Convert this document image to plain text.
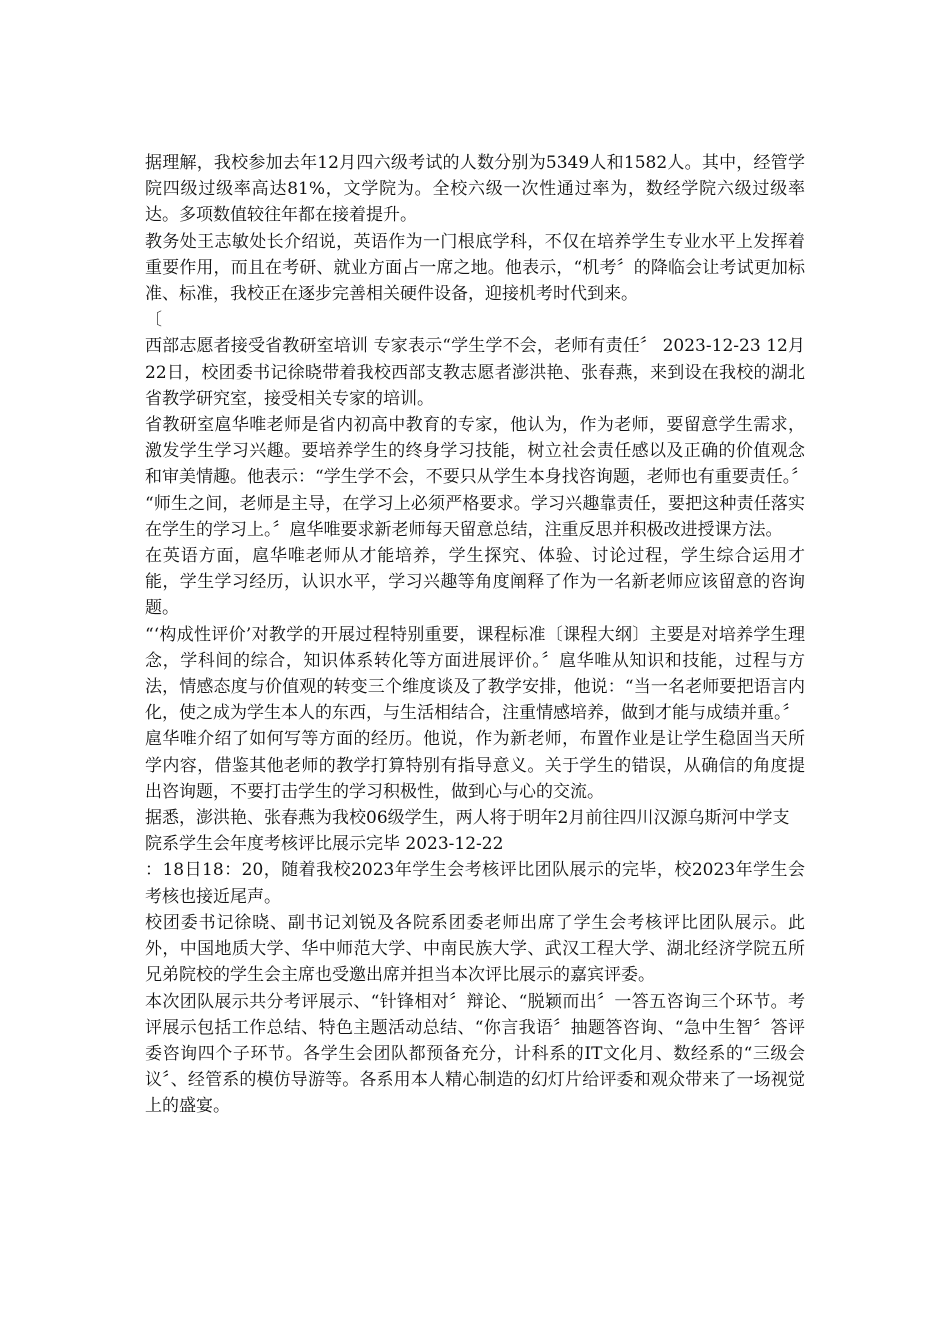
据理解，我校参加去年12月四六级考试的人数分别为5349人和1582人。其中，经管学院四级过级率高达81%，文学院为。全校六级一次性通过率为，数经学院六级过级率达。多项数值较往年都在接着提升。

教务处王志敏处长介绍说，英语作为一门根底学科，不仅在培养学生专业水平上发挥着重要作用，而且在考研、就业方面占一席之地。他表示，“机考〞的降临会让考试更加标准、标准，我校正在逐步完善相关硬件设备，迎接机考时代到来。

〔

西部志愿者接受省教研室培训 专家表示“学生学不会，老师有责任〞 2023-12-23 12月22日，校团委书记徐晓带着我校西部支教志愿者澎洪艳、张春燕，来到设在我校的湖北省教学研究室，接受相关专家的培训。

省教研室扈华唯老师是省内初高中教育的专家，他认为，作为老师，要留意学生需求，激发学生学习兴趣。要培养学生的终身学习技能，树立社会责任感以及正确的价值观念和审美情趣。他表示：“学生学不会，不要只从学生本身找咨询题，老师也有重要责任。〞

“师生之间，老师是主导，在学习上必须严格要求。学习兴趣靠责任，要把这种责任落实在学生的学习上。〞扈华唯要求新老师每天留意总结，注重反思并积极改进授课方法。

在英语方面，扈华唯老师从才能培养，学生探究、体验、讨论过程，学生综合运用才能，学生学习经历，认识水平，学习兴趣等角度阐释了作为一名新老师应该留意的咨询题。

“‘构成性评价’对教学的开展过程特别重要，课程标准〔课程大纲〕主要是对培养学生理念，学科间的综合，知识体系转化等方面进展评价。〞扈华唯从知识和技能，过程与方法，情感态度与价值观的转变三个维度谈及了教学安排，他说：“当一名老师要把语言内化，使之成为学生本人的东西，与生活相结合，注重情感培养，做到才能与成绩并重。〞

扈华唯介绍了如何写等方面的经历。他说，作为新老师，布置作业是让学生稳固当天所学内容，借鉴其他老师的教学打算特别有指导意义。关于学生的错误，从确信的角度提出咨询题，不要打击学生的学习积极性，做到心与心的交流。

据悉，澎洪艳、张春燕为我校06级学生，两人将于明年2月前往四川汉源乌斯河中学支

院系学生会年度考核评比展示完毕 2023-12-22

：18日18：20，随着我校2023年学生会考核评比团队展示的完毕，校2023年学生会考核也接近尾声。

校团委书记徐晓、副书记刘锐及各院系团委老师出席了学生会考核评比团队展示。此外，中国地质大学、华中师范大学、中南民族大学、武汉工程大学、湖北经济学院五所兄弟院校的学生会主席也受邀出席并担当本次评比展示的嘉宾评委。

本次团队展示共分考评展示、“针锋相对〞辩论、“脱颖而出〞一答五咨询三个环节。考评展示包括工作总结、特色主题活动总结、“你言我语〞抽题答咨询、“急中生智〞答评委咨询四个子环节。各学生会团队都预备充分，计科系的IT文化月、数经系的“三级会议〞、经管系的模仿导游等。各系用本人精心制造的幻灯片给评委和观众带来了一场视觉上的盛宴。
